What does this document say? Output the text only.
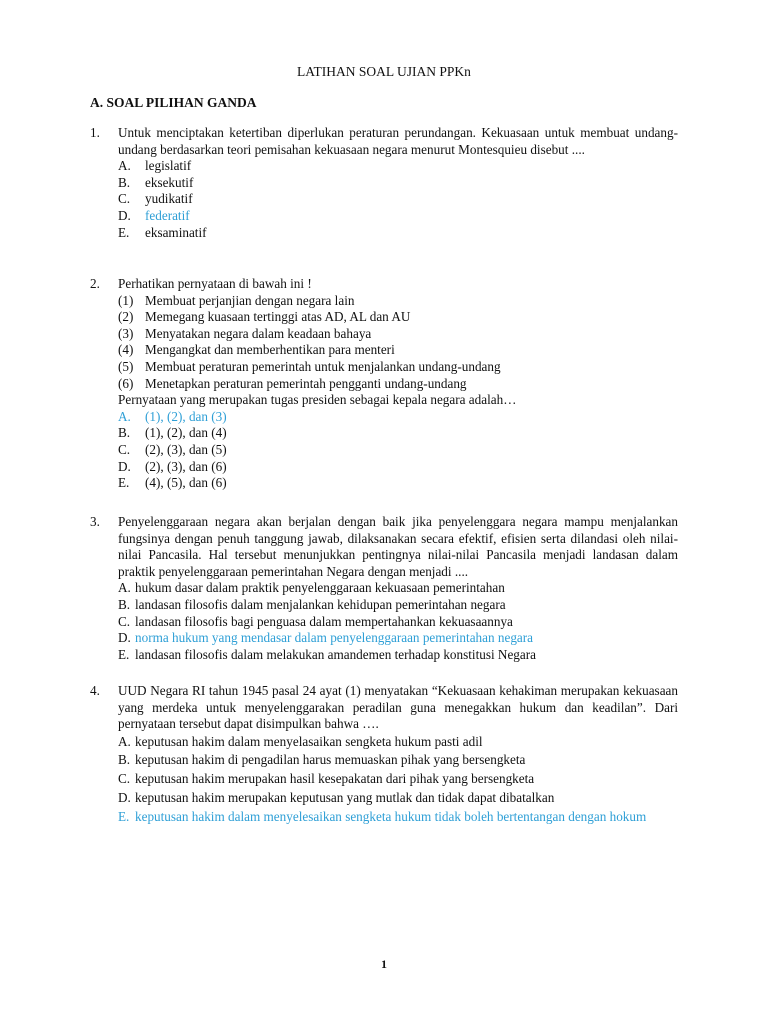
LATIHAN SOAL UJIAN PPKn
A. SOAL PILIHAN GANDA
1. Untuk menciptakan ketertiban diperlukan peraturan perundangan. Kekuasaan untuk membuat undang-undang berdasarkan teori pemisahan kekuasaan negara menurut Montesquieu disebut ....
A. legislatif
B. eksekutif
C. yudikatif
D. federatif
E. eksaminatif
2. Perhatikan pernyataan di bawah ini !
(1) Membuat perjanjian dengan negara lain
(2) Memegang kuasaan tertinggi atas AD, AL dan AU
(3) Menyatakan negara dalam keadaan bahaya
(4) Mengangkat dan memberhentikan para menteri
(5) Membuat peraturan pemerintah untuk menjalankan undang-undang
(6) Menetapkan peraturan pemerintah pengganti undang-undang
Pernyataan yang merupakan tugas presiden sebagai kepala negara adalah…
A. (1), (2), dan (3)
B. (1), (2), dan (4)
C. (2), (3), dan (5)
D. (2), (3), dan (6)
E. (4), (5), dan (6)
3. Penyelenggaraan negara akan berjalan dengan baik jika penyelenggara negara mampu menjalankan fungsinya dengan penuh tanggung jawab, dilaksanakan secara efektif, efisien serta dilandasi oleh nilai-nilai Pancasila. Hal tersebut menunjukkan pentingnya nilai-nilai Pancasila menjadi landasan dalam praktik penyelenggaraan pemerintahan Negara dengan menjadi ....
A. hukum dasar dalam praktik penyelenggaraan kekuasaan pemerintahan
B. landasan filosofis dalam menjalankan kehidupan pemerintahan negara
C. landasan filosofis bagi penguasa dalam mempertahankan kekuasaannya
D. norma hukum yang mendasar dalam penyelenggaraan pemerintahan negara
E. landasan filosofis dalam melakukan amandemen terhadap konstitusi Negara
4. UUD Negara RI tahun 1945 pasal 24 ayat (1) menyatakan “Kekuasaan kehakiman merupakan kekuasaan yang merdeka untuk menyelenggarakan peradilan guna menegakkan hukum dan keadilan”. Dari pernyataan tersebut dapat disimpulkan bahwa ….
A. keputusan hakim dalam menyelasaikan sengketa hukum pasti adil
B. keputusan hakim di pengadilan harus memuaskan pihak yang bersengketa
C. keputusan hakim merupakan hasil kesepakatan dari pihak yang bersengketa
D. keputusan hakim merupakan keputusan yang mutlak dan tidak dapat dibatalkan
E. keputusan hakim dalam menyelesaikan sengketa hukum tidak boleh bertentangan dengan hokum
1
